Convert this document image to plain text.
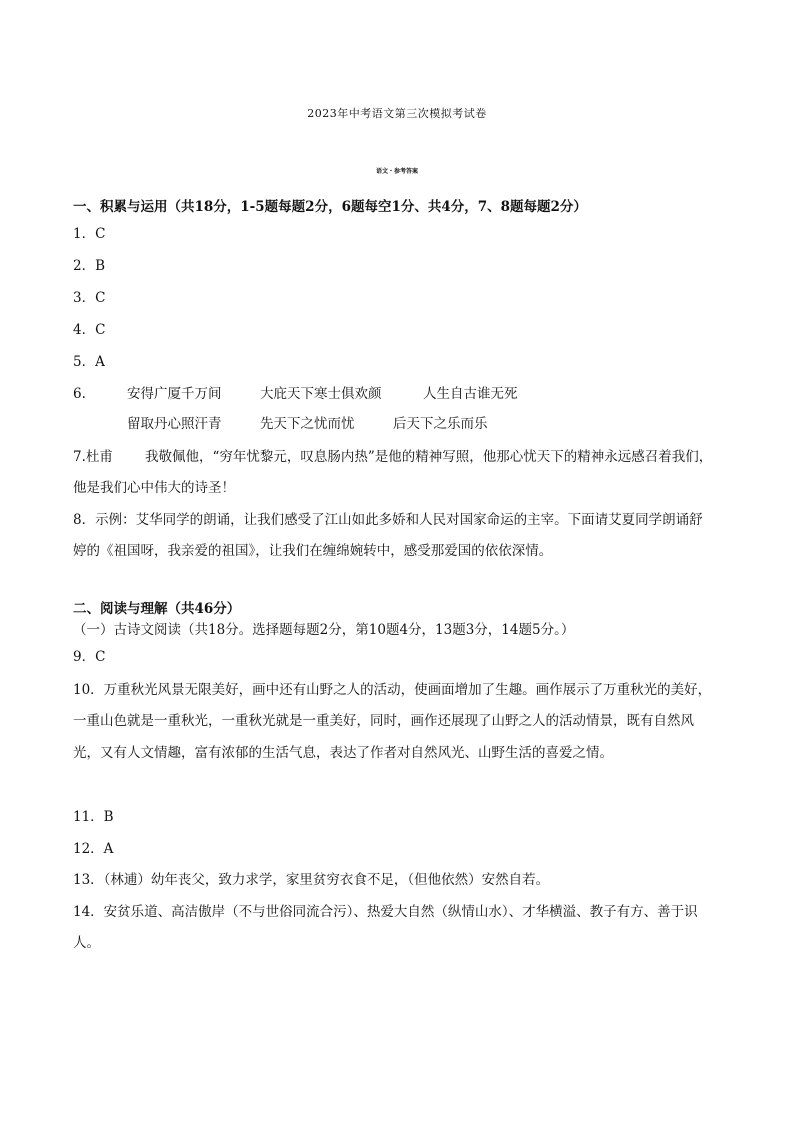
2023年中考语文第三次模拟考试卷
语文・参考答案
一、积累与运用（共18分，1-5题每题2分，6题每空1分、共4分，7、8题每题2分）
1．C
2．B
3．C
4．C
5．A
6.	安得广厦千万间	大庇天下寒士俱欢颜	人生自古谁无死
留取丹心照汗青	先天下之忧而忧	后天下之乐而乐
7.杜甫 我敬佩他，“穷年忧黎元，叹息肠内热”是他的精神写照，他那心忧天下的精神永远感召着我们，
他是我们心中伟大的诗圣！
8．示例：艾华同学的朗诵，让我们感受了江山如此多娇和人民对国家命运的主宰。下面请艾夏同学朗诵舒
婷的《祖国呀，我亲爱的祖国》，让我们在缠绵婉转中，感受那爱国的依依深情。
二、阅读与理解（共46分）
（一）古诗文阅读（共18分。选择题每题2分，第10题4分，13题3分，14题5分。）
9．C
10．万重秋光风景无限美好，画中还有山野之人的活动，使画面增加了生趣。画作展示了万重秋光的美好，
一重山色就是一重秋光，一重秋光就是一重美好，同时，画作还展现了山野之人的活动情景，既有自然风
光，又有人文情趣，富有浓郁的生活气息，表达了作者对自然风光、山野生活的喜爱之情。
11．B
12．A
13．（林逋）幼年丧父，致力求学，家里贫穷衣食不足，（但他依然）安然自若。
14．安贫乐道、高洁傲岸（不与世俗同流合污）、热爱大自然（纵情山水）、才华横溢、教子有方、善于识
人。
